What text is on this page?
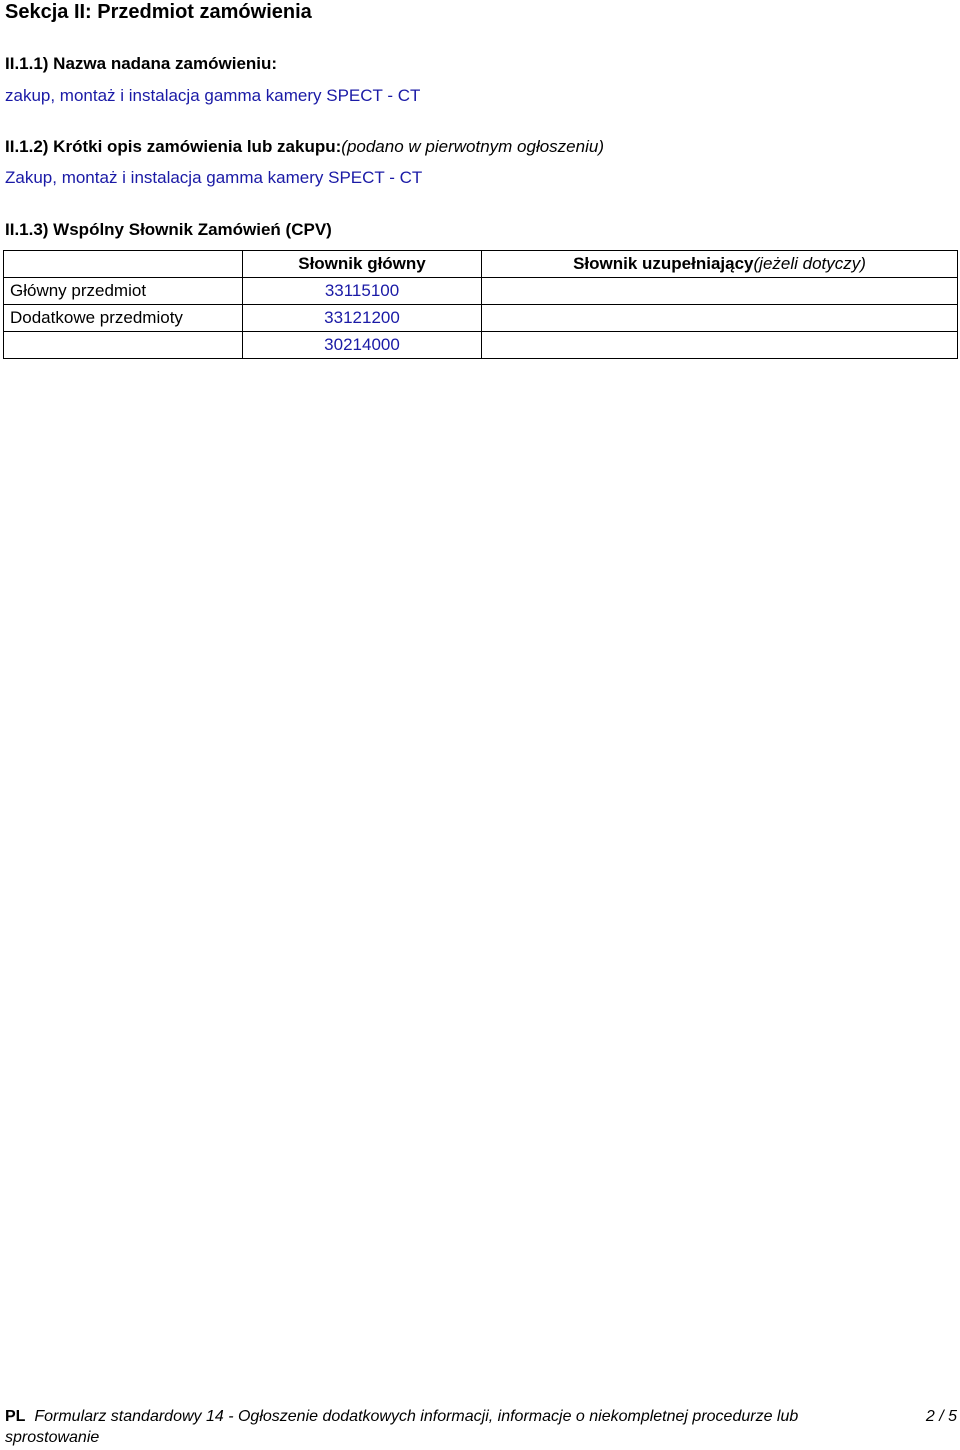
Sekcja II: Przedmiot zamówienia
II.1.1) Nazwa nadana zamówieniu:
zakup, montaż i instalacja gamma kamery SPECT - CT
II.1.2) Krótki opis zamówienia lub zakupu:(podano w pierwotnym ogłoszeniu)
Zakup, montaż i instalacja gamma kamery SPECT - CT
II.1.3) Wspólny Słownik Zamówień (CPV)
	Słownik główny	Słownik uzupełniający(jeżeli dotyczy)
Główny przedmiot	33115100	
Dodatkowe przedmioty	33121200	
	30214000	
PL Formularz standardowy 14 - Ogłoszenie dodatkowych informacji, informacje o niekompletnej procedurze lub
sprostowanie
2 / 5
